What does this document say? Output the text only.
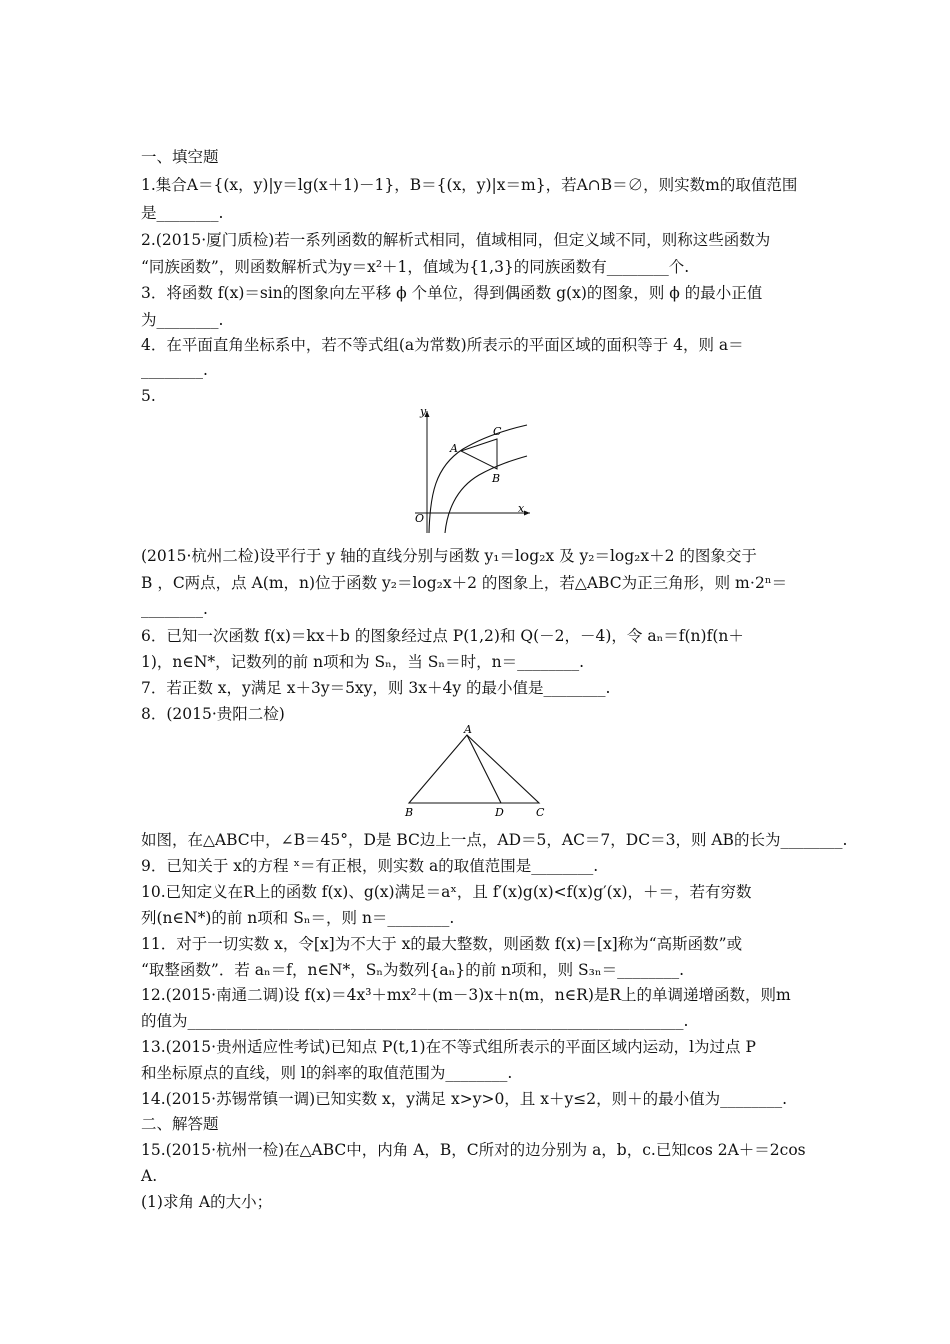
一、填空题
1.集合A＝{(x，y)|y＝lg(x＋1)－1}，B＝{(x，y)|x＝m}，若A∩B＝∅，则实数m的取值范围
是________.
2.(2015·厦门质检)若一系列函数的解析式相同，值域相同，但定义域不同，则称这些函数为
“同族函数”，则函数解析式为y＝x²＋1，值域为{1,3}的同族函数有________个.
3．将函数 f(x)＝sin的图象向左平移 ϕ 个单位，得到偶函数 g(x)的图象，则 ϕ 的最小正值
为________.
4．在平面直角坐标系中，若不等式组(a为常数)所表示的平面区域的面积等于 4，则 a＝
________.
5.
y
x
O
A
C
B
(2015·杭州二检)设平行于 y 轴的直线分别与函数 y₁＝log₂x 及 y₂＝log₂x＋2 的图象交于
B ，C两点，点 A(m，n)位于函数 y₂＝log₂x＋2 的图象上，若△ABC为正三角形，则 m⋅2ⁿ＝
________.
6．已知一次函数 f(x)＝kx＋b 的图象经过点 P(1,2)和 Q(－2，－4)，令 aₙ＝f(n)f(n＋
1)，n∈N*，记数列的前 n项和为 Sₙ，当 Sₙ＝时，n＝________.
7．若正数 x，y满足 x＋3y＝5xy，则 3x＋4y 的最小值是________.
8．(2015·贵阳二检)
A
B	D	C
如图，在△ABC中，∠B＝45°，D是 BC边上一点，AD＝5，AC＝7，DC＝3，则 AB的长为________.
9．已知关于 x的方程 ˣ＝有正根，则实数 a的取值范围是________.
10.已知定义在R上的函数 f(x)、g(x)满足＝aˣ，且 f′(x)g(x)<f(x)g′(x)，＋＝，若有穷数
列(n∈N*)的前 n项和 Sₙ＝，则 n＝________.
11．对于一切实数 x，令[x]为不大于 x的最大整数，则函数 f(x)＝[x]称为“高斯函数”或
“取整函数”．若 aₙ＝f，n∈N*，Sₙ为数列{aₙ}的前 n项和，则 S₃ₙ＝________.
12.(2015·南通二调)设 f(x)＝4x³＋mx²＋(m－3)x＋n(m，n∈R)是R上的单调递增函数，则m
的值为________________________________________________________________.
13.(2015·贵州适应性考试)已知点 P(t,1)在不等式组所表示的平面区域内运动，l为过点 P
和坐标原点的直线，则 l的斜率的取值范围为________.
14.(2015·苏锡常镇一调)已知实数 x，y满足 x>y>0，且 x＋y≤2，则＋的最小值为________.
二、解答题
15.(2015·杭州一检)在△ABC中，内角 A，B，C所对的边分别为 a，b，c.已知cos 2A＋＝2cos
A.
(1)求角 A的大小；
